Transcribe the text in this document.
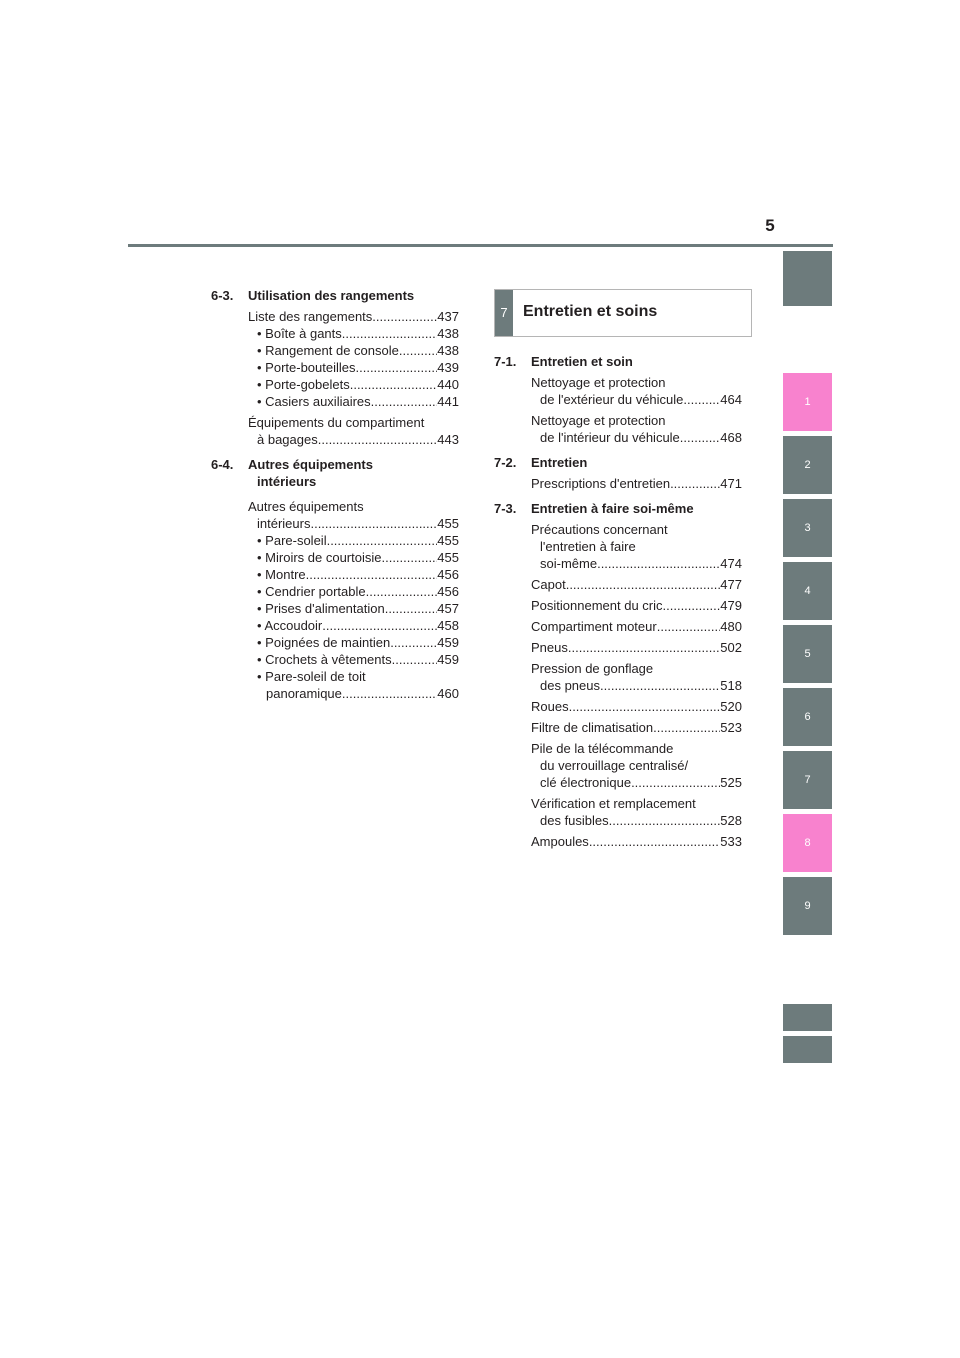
5
6-3. Utilisation des rangements
Liste des rangements .....	437
• Boîte à gants .....	438
• Rangement de console .....	438
• Porte-bouteilles .....	439
• Porte-gobelets .....	440
• Casiers auxiliaires .....	441
Équipements du compartiment
à bagages .....	443
6-4. Autres équipements
intérieurs
Autres équipements
intérieurs .....	455
• Pare-soleil .....	455
• Miroirs de courtoisie .....	455
• Montre .....	456
• Cendrier portable .....	456
• Prises d'alimentation .....	457
• Accoudoir .....	458
• Poignées de maintien .....	459
• Crochets à vêtements .....	459
• Pare-soleil de toit
panoramique .....	460
7 Entretien et soins
7-1. Entretien et soin
Nettoyage et protection
de l'extérieur du véhicule .....	464
Nettoyage et protection
de l'intérieur du véhicule .....	468
7-2. Entretien
Prescriptions d'entretien .....	471
7-3. Entretien à faire soi-même
Précautions concernant
l'entretien à faire
soi-même .....	474
Capot .....	477
Positionnement du cric .....	479
Compartiment moteur .....	480
Pneus .....	502
Pression de gonflage
des pneus .....	518
Roues .....	520
Filtre de climatisation .....	523
Pile de la télécommande
du verrouillage centralisé/
clé électronique .....	525
Vérification et remplacement
des fusibles .....	528
Ampoules .....	533
1
2
3
4
5
6
7
8
9
